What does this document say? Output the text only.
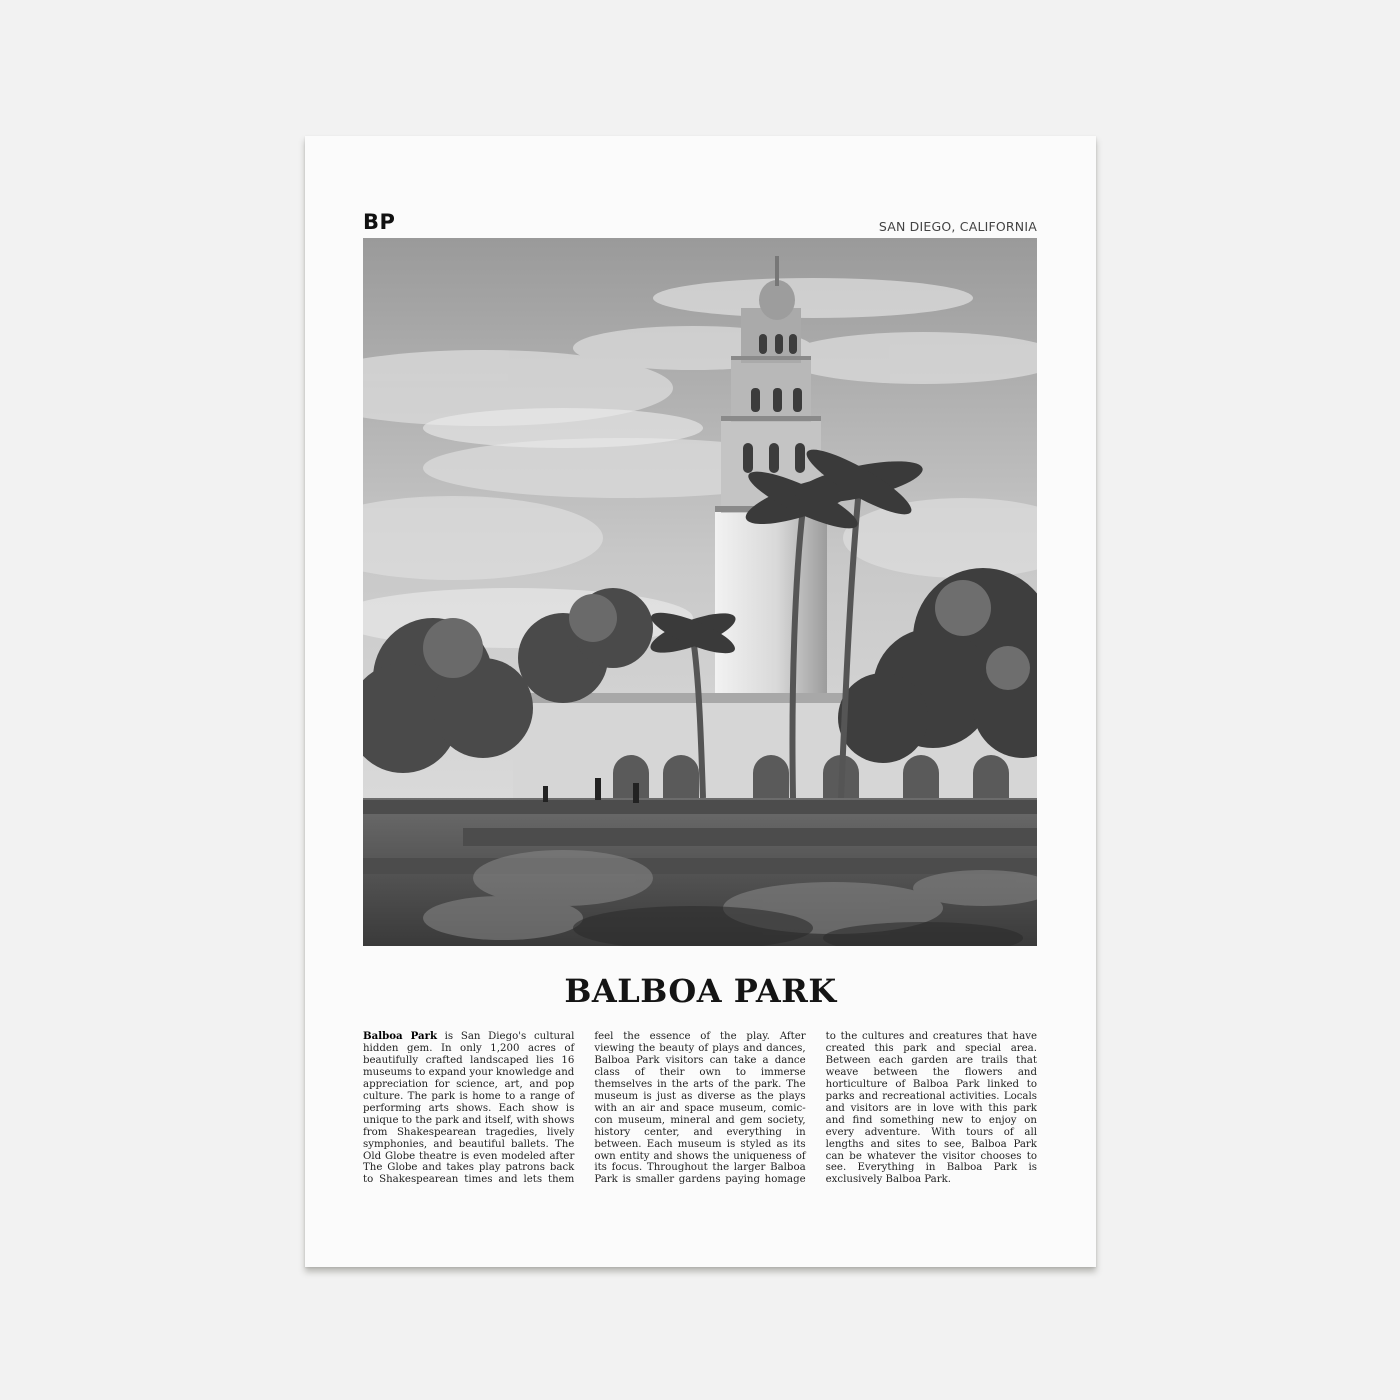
BP	SAN DIEGO, CALIFORNIA
BALBOA PARK
Balboa Park is San Diego's cultural hidden gem. In only 1,200 acres of beautifully crafted landscaped lies 16 museums to expand your knowledge and appreciation for science, art, and pop culture. The park is home to a range of performing arts shows. Each show is unique to the park and itself, with shows from Shakespearean tragedies, lively symphonies, and beautiful ballets. The Old Globe theatre is even modeled after The Globe and takes play patrons back to Shakespearean times and lets them feel the essence of the play. After viewing the beauty of plays and dances, Balboa Park visitors can take a dance class of their own to immerse themselves in the arts of the park. The museum is just as diverse as the plays with an air and space museum, comic-con museum, mineral and gem society, history center, and everything in between. Each museum is styled as its own entity and shows the uniqueness of its focus. Throughout the larger Balboa Park is smaller gardens paying homage to the cultures and creatures that have created this park and special area. Between each garden are trails that weave between the flowers and horticulture of Balboa Park linked to parks and recreational activities. Locals and visitors are in love with this park and find something new to enjoy on every adventure. With tours of all lengths and sites to see, Balboa Park can be whatever the visitor chooses to see. Everything in Balboa Park is exclusively Balboa Park.
